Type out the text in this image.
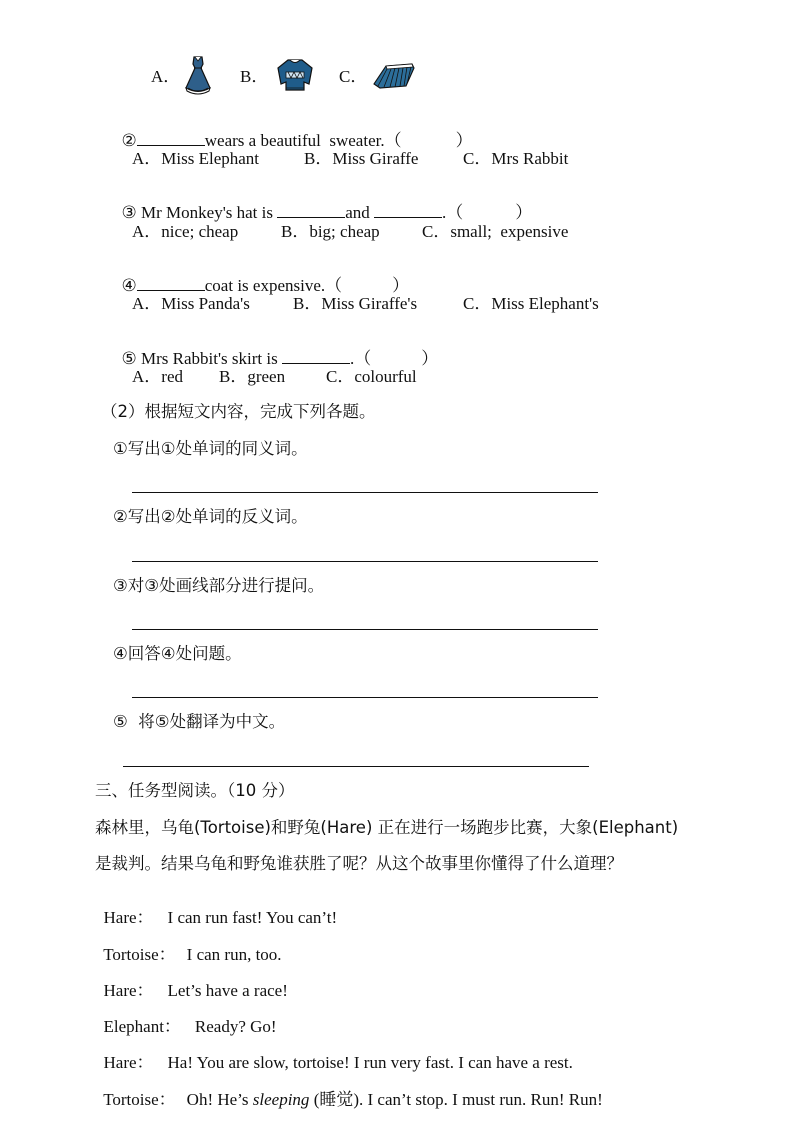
A．	B．	C．

②	wears a beautiful  sweater.（	）

A．Miss Elephant	B．Miss Giraffe	C．Mrs Rabbit

③ Mr Monkey's hat is	and	.（	）

A．nice; cheap	B．big; cheap C．small;  expensive

④	coat is expensive.（	）

A．Miss Panda's	B．Miss Giraffe's	C．Miss Elephant's

⑤ Mrs Rabbit's skirt is	.（	）

A．red B．green C．colourful
（2）根据短文内容，完成下列各题。
①写出①处单词的同义词。
②写出②处单词的反义词。
③对③处画线部分进行提问。
④回答④处问题。
⑤  将⑤处翻译为中文。
三、任务型阅读。（10 分）
森林里，乌龟(Tortoise)和野兔(Hare) 正在进行一场跑步比赛，大象(Elephant)
是裁判。结果乌龟和野兔谁获胜了呢？从这个故事里你懂得了什么道理？

Hare： I can run fast! You can’t!

Tortoise： I can run, too.

Hare： Let’s have a race!

Elephant： Ready? Go!

Hare： Ha! You are slow, tortoise! I run very fast. I can have a rest.

Tortoise： Oh! He’s sleeping (睡觉). I can’t stop. I must run. Run! Run!
